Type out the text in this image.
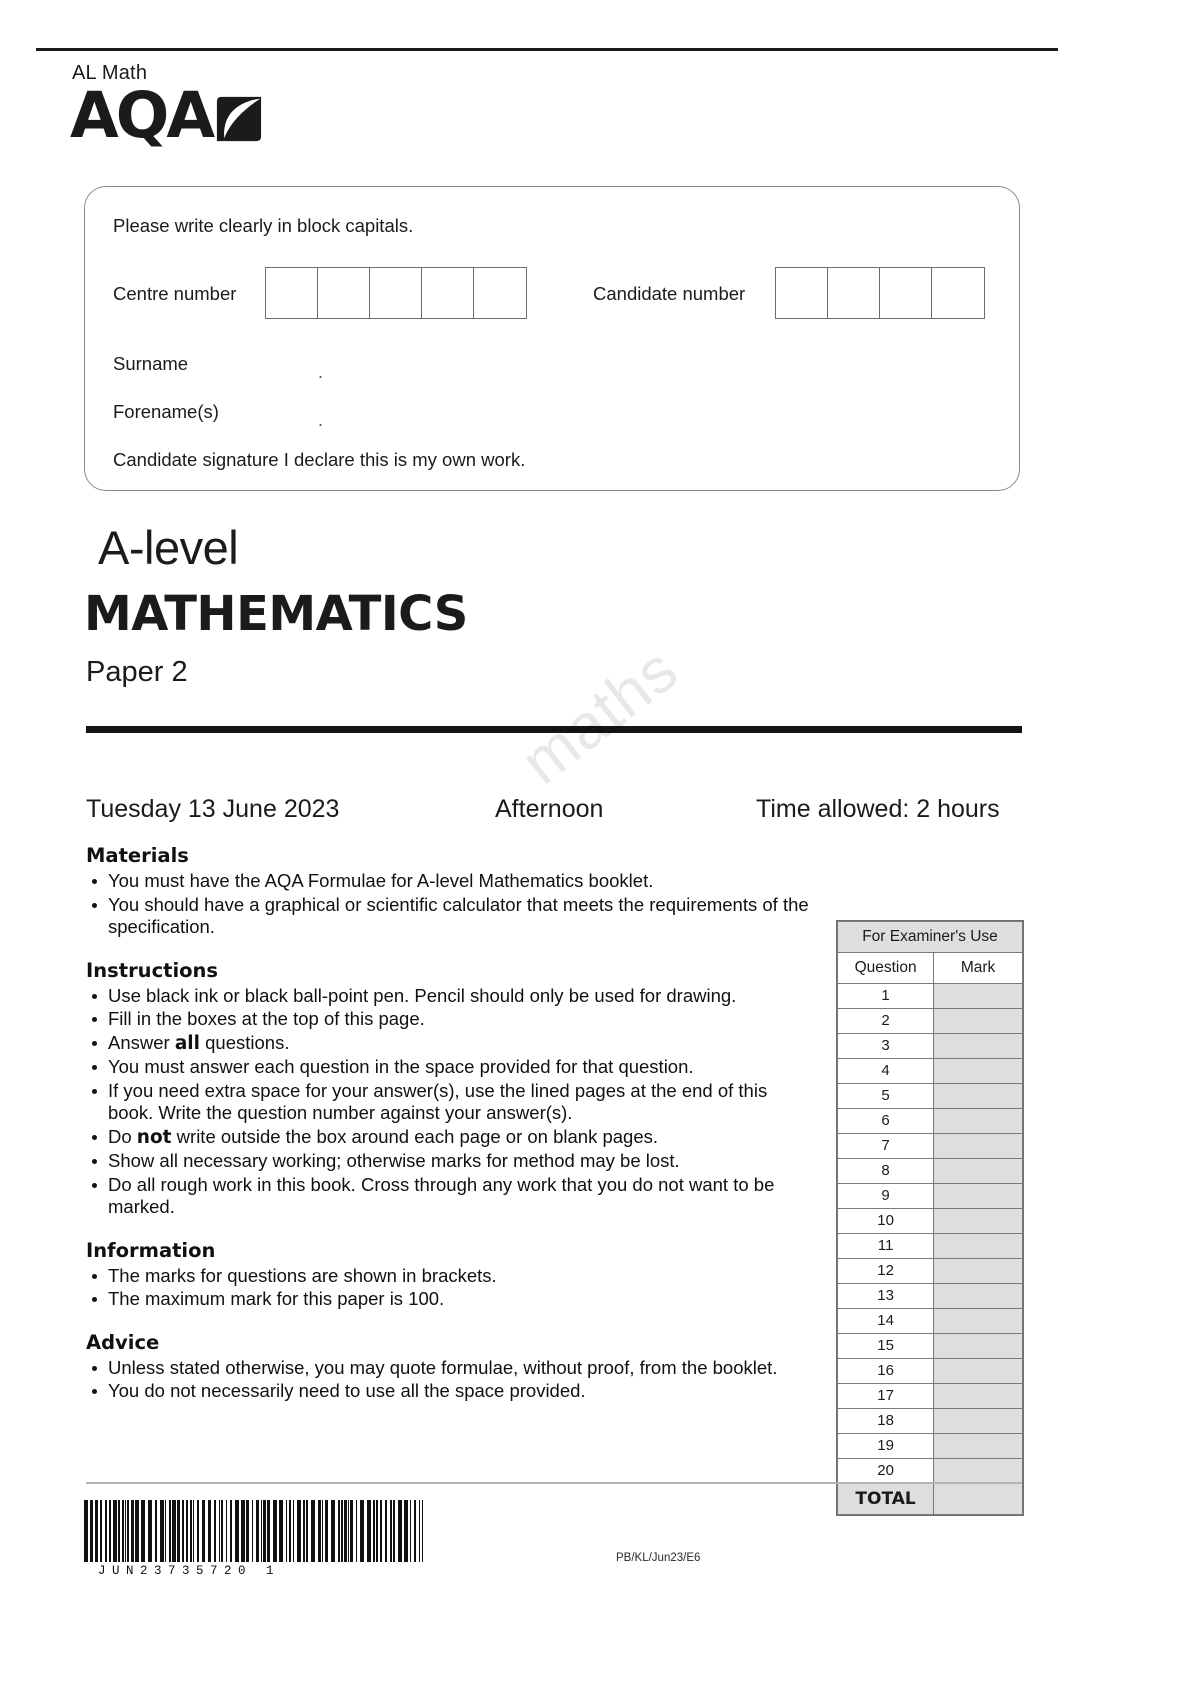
AL Math
AQA
Please write clearly in block capitals.
Centre number	Candidate number
Surname	.
Forename(s)	.
Candidate signature I declare this is my own work.
A-level
MATHEMATICS
Paper 2	maths
Tuesday 13 June 2023	Afternoon	Time allowed: 2 hours
Materials
You must have the AQA Formulae for A-level Mathematics booklet.
You should have a graphical or scientific calculator that meets the requirements of the specification.
Instructions
Use black ink or black ball-point pen. Pencil should only be used for drawing.
Fill in the boxes at the top of this page.
Answer all questions.
You must answer each question in the space provided for that question.
If you need extra space for your answer(s), use the lined pages at the end of this book. Write the question number against your answer(s).
Do not write outside the box around each page or on blank pages.
Show all necessary working; otherwise marks for method may be lost.
Do all rough work in this book. Cross through any work that you do not want to be marked.
Information
The marks for questions are shown in brackets.
The maximum mark for this paper is 100.
Advice
Unless stated otherwise, you may quote formulae, without proof, from the booklet.
You do not necessarily need to use all the space provided.
For Examiner's Use	
Question	Mark
1	
2	
3	
4	
5	
6	
7	
8	
9	
10	
11	
12	
13	
14	
15	
16	
17	
18	
19	
20	
TOTAL	
JUN23735720 1
PB/KL/Jun23/E6
